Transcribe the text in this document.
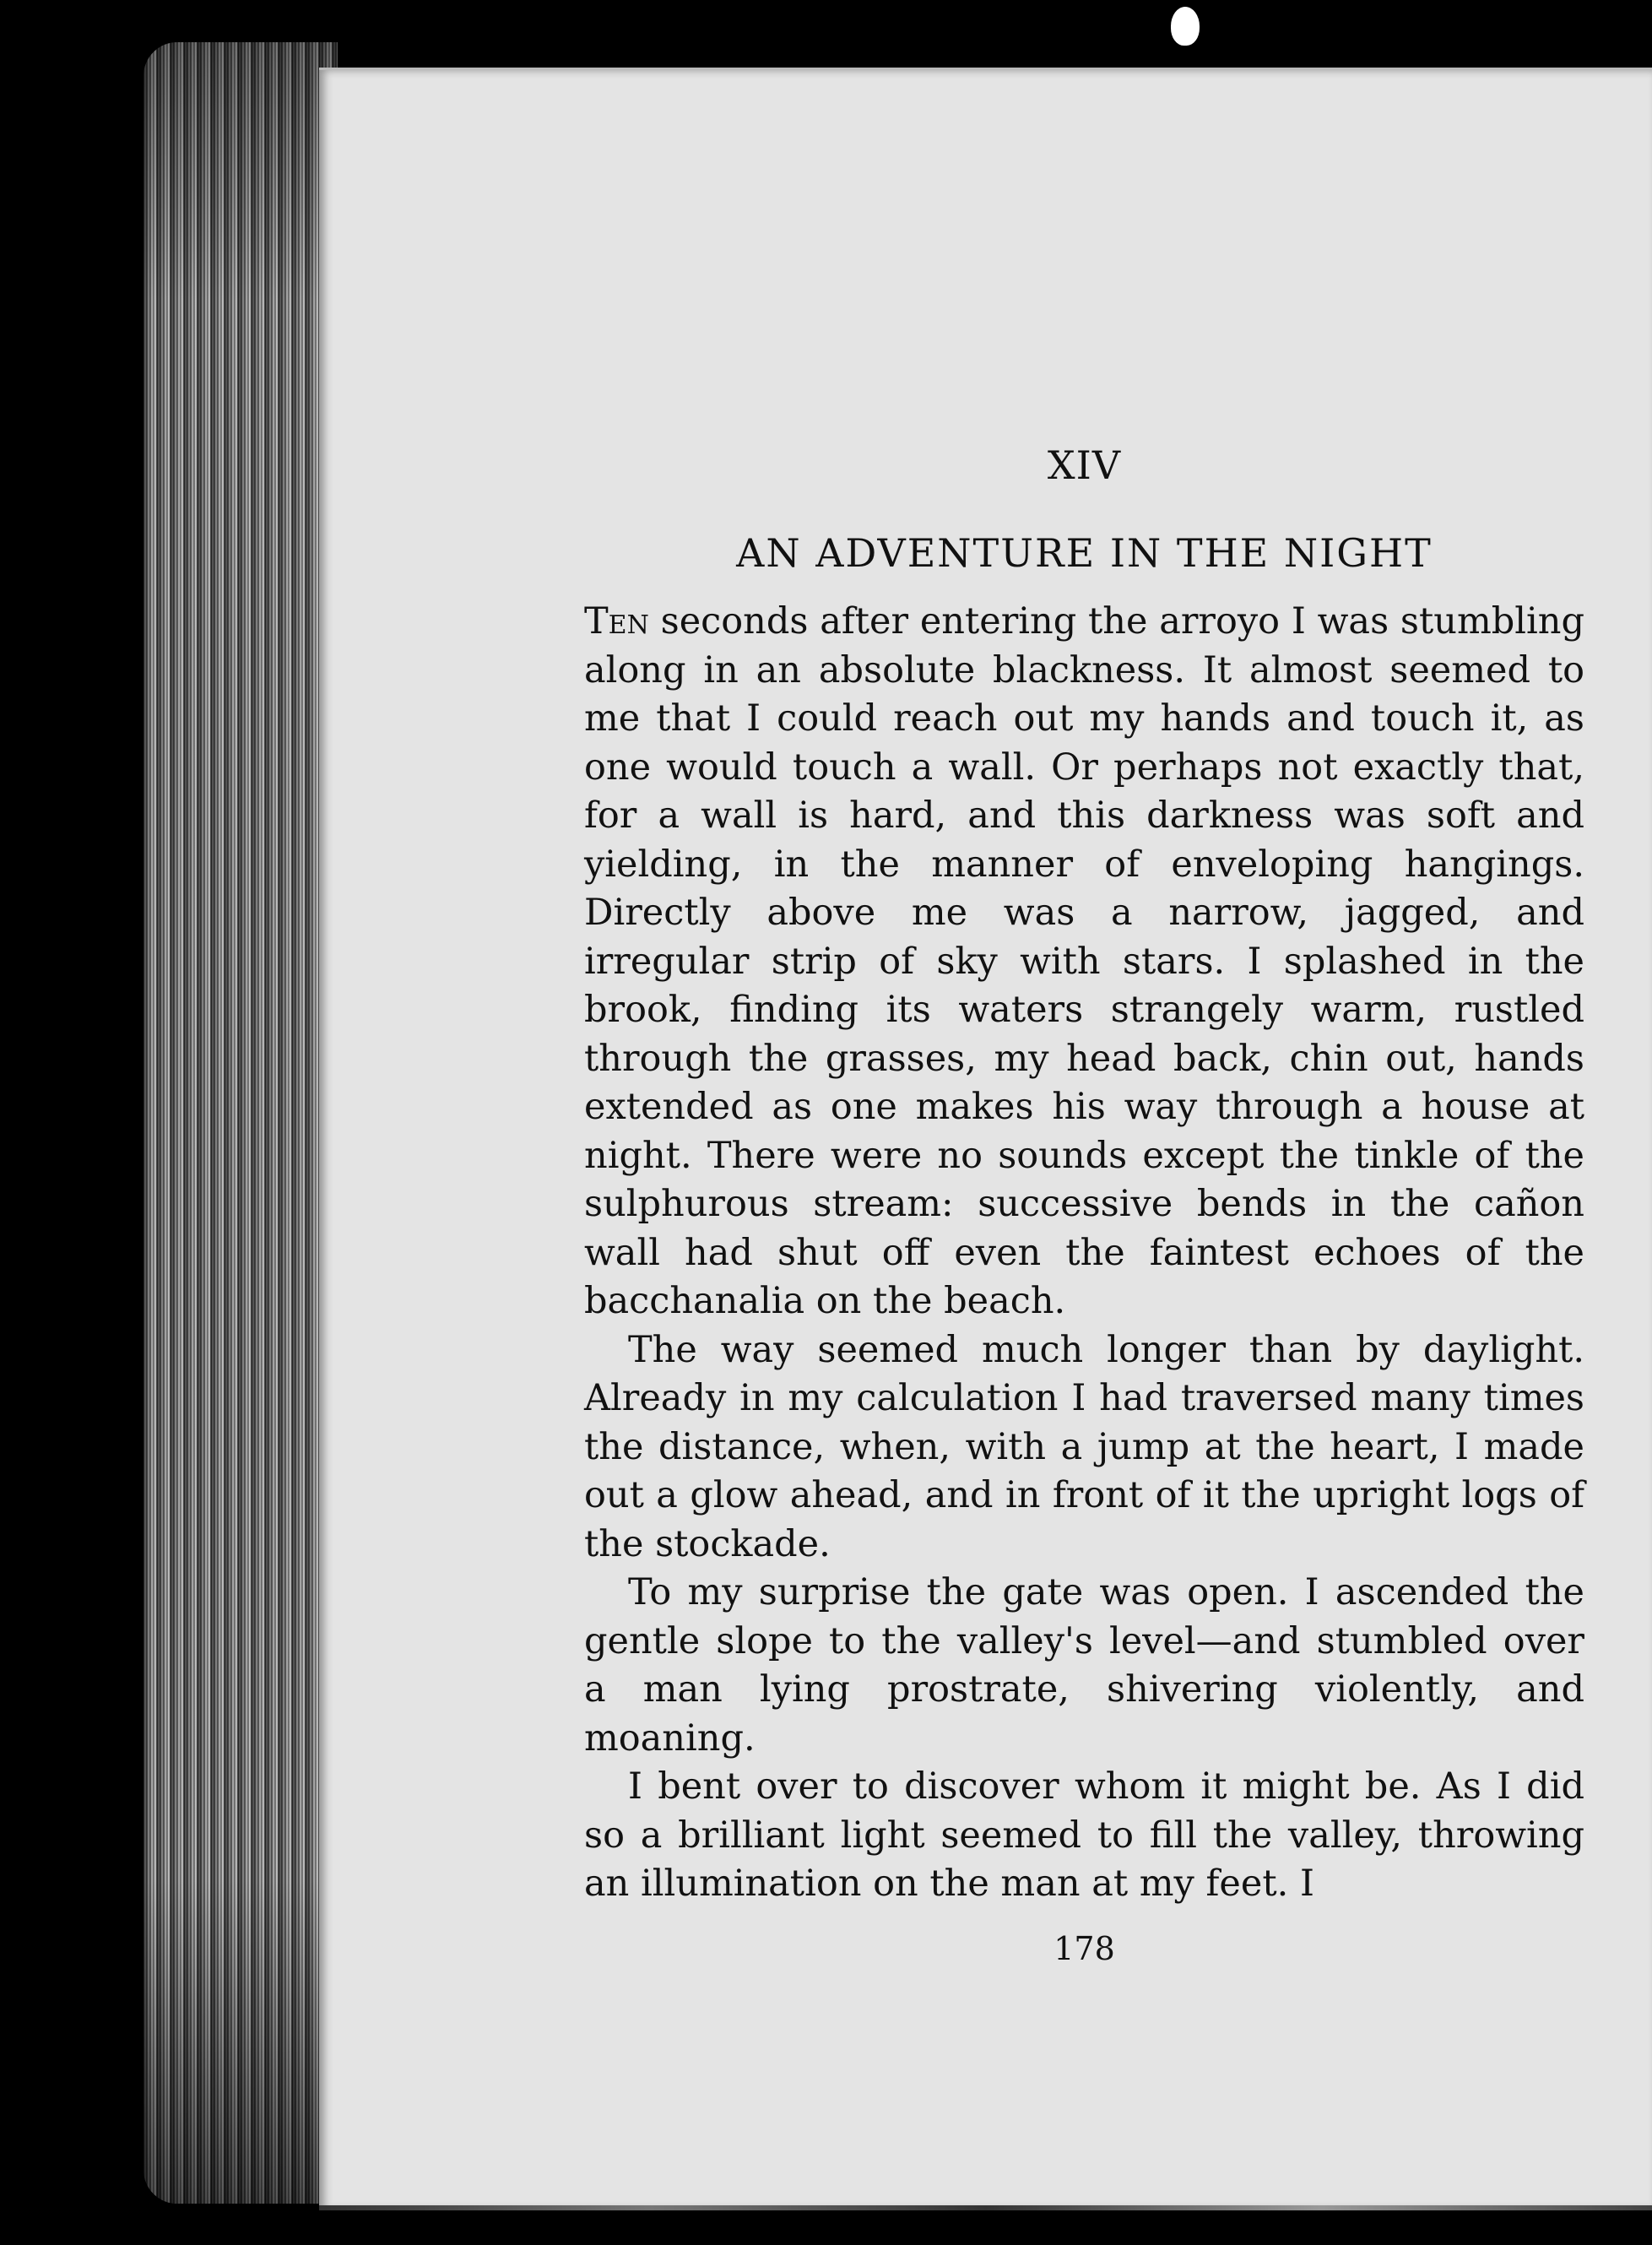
XIV
AN ADVENTURE IN THE NIGHT

Ten seconds after entering the arroyo I was stumbling along in an absolute blackness. It almost seemed to me that I could reach out my hands and touch it, as one would touch a wall. Or perhaps not exactly that, for a wall is hard, and this darkness was soft and yielding, in the manner of enveloping hangings. Directly above me was a narrow, jagged, and irregular strip of sky with stars. I splashed in the brook, finding its waters strangely warm, rustled through the grasses, my head back, chin out, hands extended as one makes his way through a house at night. There were no sounds except the tinkle of the sulphurous stream: successive bends in the cañon wall had shut off even the faintest echoes of the bacchanalia on the beach.

The way seemed much longer than by daylight. Already in my calculation I had traversed many times the distance, when, with a jump at the heart, I made out a glow ahead, and in front of it the upright logs of the stockade.

To my surprise the gate was open. I ascended the gentle slope to the valley's level—and stumbled over a man lying prostrate, shivering violently, and moaning.

I bent over to discover whom it might be. As I did so a brilliant light seemed to fill the valley, throwing an illumination on the man at my feet. I

178
